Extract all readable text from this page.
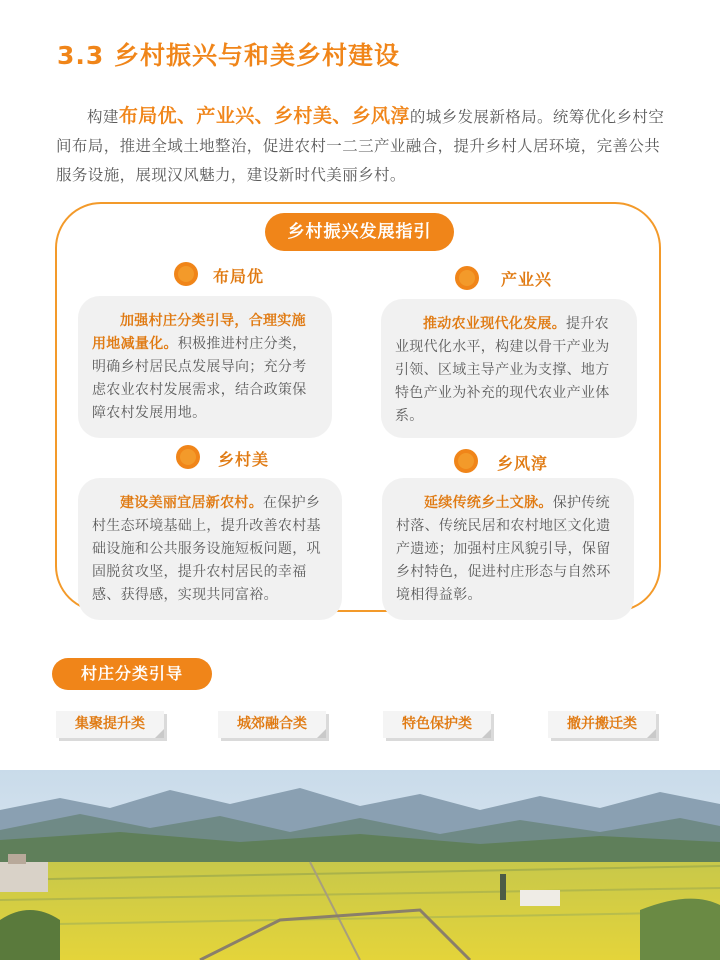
3.3 乡村振兴与和美乡村建设
构建布局优、产业兴、乡村美、乡风淳的城乡发展新格局。统筹优化乡村空间布局，推进全域土地整治，促进农村一二三产业融合，提升乡村人居环境，完善公共服务设施，展现汉风魅力，建设新时代美丽乡村。
乡村振兴发展指引
布局优
加强村庄分类引导，合理实施用地减量化。积极推进村庄分类，明确乡村居民点发展导向；充分考虑农业农村发展需求，结合政策保障农村发展用地。
产业兴
推动农业现代化发展。提升农业现代化水平，构建以骨干产业为引领、区域主导产业为支撑、地方特色产业为补充的现代农业产业体系。
乡村美
建设美丽宜居新农村。在保护乡村生态环境基础上，提升改善农村基础设施和公共服务设施短板问题，巩固脱贫攻坚，提升农村居民的幸福感、获得感，实现共同富裕。
乡风淳
延续传统乡土文脉。保护传统村落、传统民居和农村地区文化遗产遗迹；加强村庄风貌引导，保留乡村特色，促进村庄形态与自然环境相得益彰。
村庄分类引导
集聚提升类	城郊融合类	特色保护类	撤并搬迁类
